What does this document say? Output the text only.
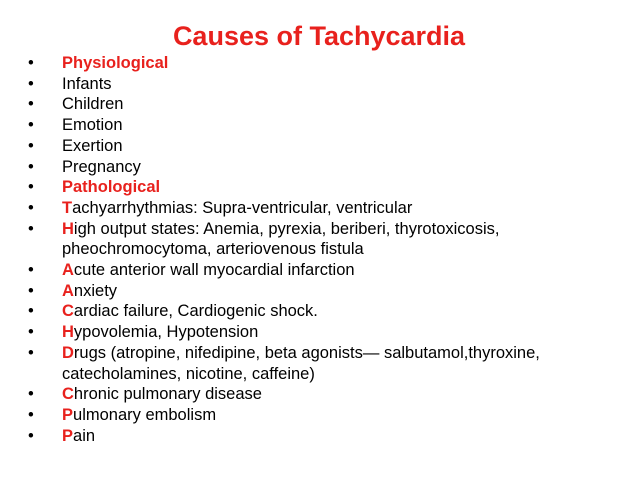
Causes of Tachycardia
•	Physiological
•	Infants
•	Children
•	Emotion
•	Exertion
•	Pregnancy
•	Pathological
•	Tachyarrhythmias: Supra-ventricular, ventricular
•	High output states: Anemia, pyrexia, beriberi, thyrotoxicosis,
pheochromocytoma, arteriovenous fistula
•	Acute anterior wall myocardial infarction
•	Anxiety
•	Cardiac failure, Cardiogenic shock.
•	Hypovolemia, Hypotension
•	Drugs (atropine, nifedipine, beta agonists— salbutamol,thyroxine,
catecholamines, nicotine, caffeine)
•	Chronic pulmonary disease
•	Pulmonary embolism
•	Pain
